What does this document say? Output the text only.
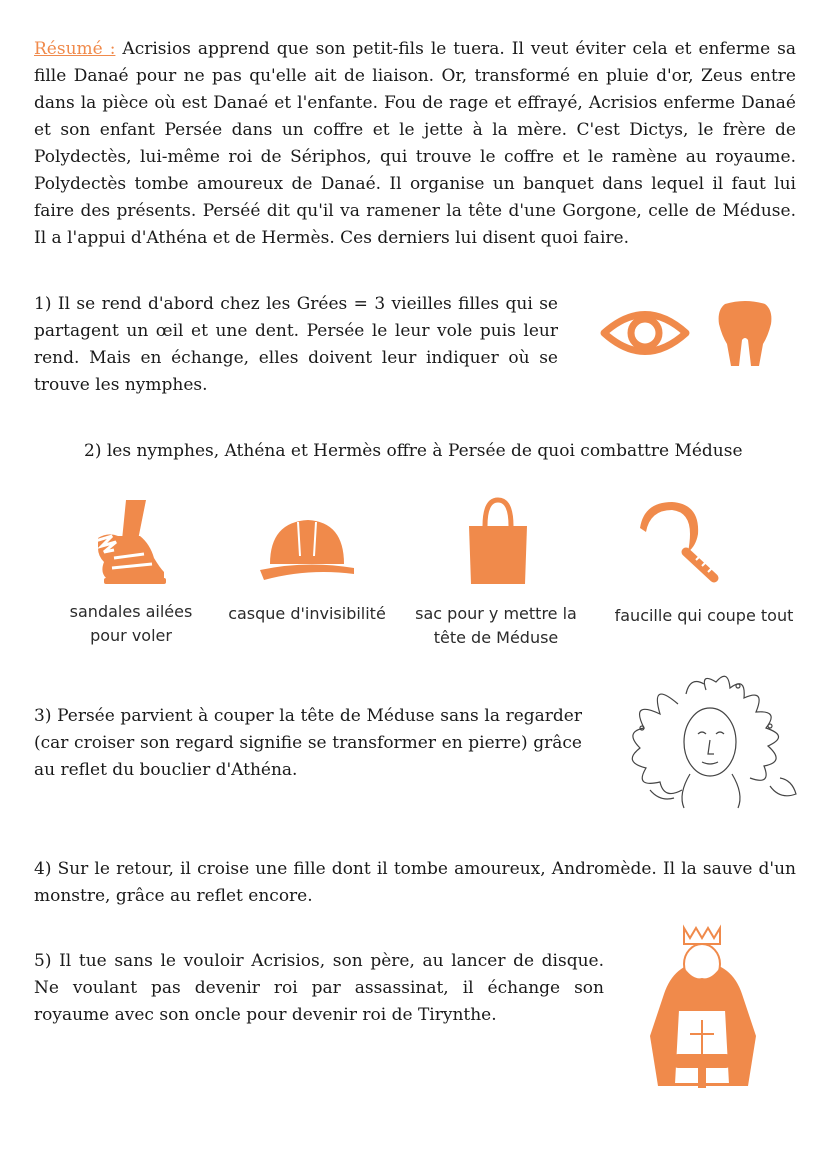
Résumé : Acrisios apprend que son petit-fils le tuera. Il veut éviter cela et enferme sa fille Danaé pour ne pas qu'elle ait de liaison. Or, transformé en pluie d'or, Zeus entre dans la pièce où est Danaé et l'enfante. Fou de rage et effrayé, Acrisios enferme Danaé et son enfant Persée dans un coffre et le jette à la mère. C'est Dictys, le frère de Polydectès, lui-même roi de Sériphos, qui trouve le coffre et le ramène au royaume. Polydectès tombe amoureux de Danaé. Il organise un banquet dans lequel il faut lui faire des présents. Perséé dit qu'il va ramener la tête d'une Gorgone, celle de Méduse. Il a l'appui d'Athéna et de Hermès. Ces derniers lui disent quoi faire.

1) Il se rend d'abord chez les Grées = 3 vieilles filles qui se partagent un œil et une dent. Persée le leur vole puis leur rend. Mais en échange, elles doivent leur indiquer où se trouve les nymphes.

2) les nymphes, Athéna et Hermès offre à Persée de quoi combattre Méduse

sandales ailées pour voler
casque d'invisibilité	sac pour y mettre la tête de Méduse
faucille qui coupe tout

3) Persée parvient à couper la tête de Méduse sans la regarder (car croiser son regard signifie se transformer en pierre) grâce au reflet du bouclier d'Athéna.

4) Sur le retour, il croise une fille dont il tombe amoureux, Andromède. Il la sauve d'un monstre, grâce au reflet encore.

5) Il tue sans le vouloir Acrisios, son père, au lancer de disque. Ne voulant pas devenir roi par assassinat, il échange son royaume avec son oncle pour devenir roi de Tirynthe.
